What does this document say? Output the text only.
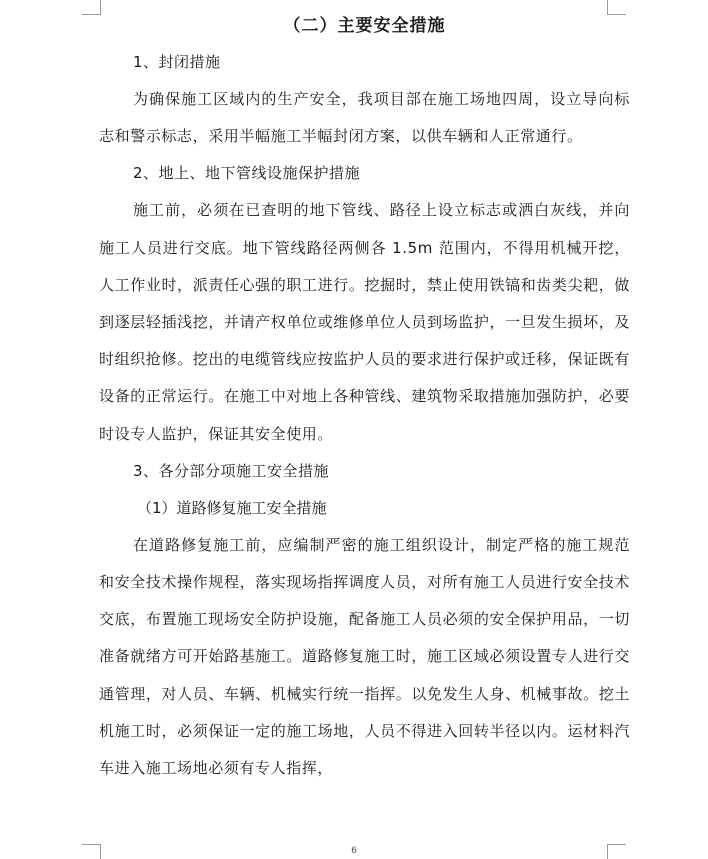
（二）主要安全措施

1、封闭措施

为确保施工区域内的生产安全，我项目部在施工场地四周，设立导向标志和警示标志，采用半幅施工半幅封闭方案，以供车辆和人正常通行。

2、地上、地下管线设施保护措施

施工前，必须在已查明的地下管线、路径上设立标志或洒白灰线，并向施工人员进行交底。地下管线路径两侧各 1.5m 范围内，不得用机械开挖，人工作业时，派责任心强的职工进行。挖掘时，禁止使用铁镐和齿类尖耙，做到逐层轻插浅挖，并请产权单位或维修单位人员到场监护，一旦发生损坏，及时组织抢修。挖出的电缆管线应按监护人员的要求进行保护或迁移，保证既有设备的正常运行。在施工中对地上各种管线、建筑物采取措施加强防护，必要时设专人监护，保证其安全使用。

3、各分部分项施工安全措施

（1）道路修复施工安全措施

在道路修复施工前，应编制严密的施工组织设计，制定严格的施工规范和安全技术操作规程，落实现场指挥调度人员，对所有施工人员进行安全技术交底，布置施工现场安全防护设施，配备施工人员必须的安全保护用品，一切准备就绪方可开始路基施工。道路修复施工时，施工区域必须设置专人进行交通管理，对人员、车辆、机械实行统一指挥。以免发生人身、机械事故。挖土机施工时，必须保证一定的施工场地，人员不得进入回转半径以内。运材料汽车进入施工场地必须有专人指挥，

6
